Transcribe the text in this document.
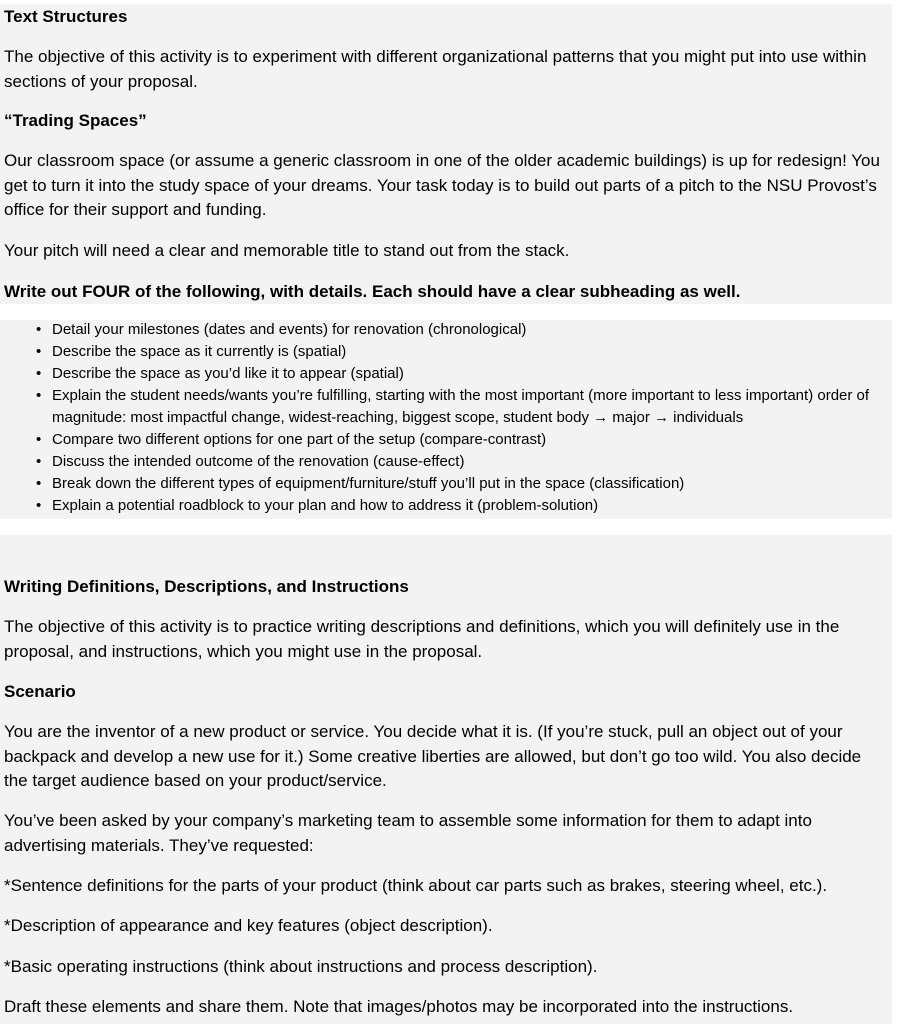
Text Structures

The objective of this activity is to experiment with different organizational patterns that you might put into use within sections of your proposal.

“Trading Spaces”

Our classroom space (or assume a generic classroom in one of the older academic buildings) is up for redesign! You get to turn it into the study space of your dreams. Your task today is to build out parts of a pitch to the NSU Provost’s office for their support and funding.

Your pitch will need a clear and memorable title to stand out from the stack.

Write out FOUR of the following, with details. Each should have a clear subheading as well.

• Detail your milestones (dates and events) for renovation (chronological)
• Describe the space as it currently is (spatial)
• Describe the space as you’d like it to appear (spatial)
• Explain the student needs/wants you’re fulfilling, starting with the most important (more important to less important) order of magnitude: most impactful change, widest-reaching, biggest scope, student body → major → individuals
• Compare two different options for one part of the setup (compare-contrast)
• Discuss the intended outcome of the renovation (cause-effect)
• Break down the different types of equipment/furniture/stuff you’ll put in the space (classification)
• Explain a potential roadblock to your plan and how to address it (problem-solution)

Writing Definitions, Descriptions, and Instructions

The objective of this activity is to practice writing descriptions and definitions, which you will definitely use in the proposal, and instructions, which you might use in the proposal.

Scenario

You are the inventor of a new product or service. You decide what it is. (If you’re stuck, pull an object out of your backpack and develop a new use for it.) Some creative liberties are allowed, but don’t go too wild. You also decide the target audience based on your product/service.

You’ve been asked by your company’s marketing team to assemble some information for them to adapt into advertising materials. They’ve requested:

*Sentence definitions for the parts of your product (think about car parts such as brakes, steering wheel, etc.).

*Description of appearance and key features (object description).

*Basic operating instructions (think about instructions and process description).

Draft these elements and share them. Note that images/photos may be incorporated into the instructions.
